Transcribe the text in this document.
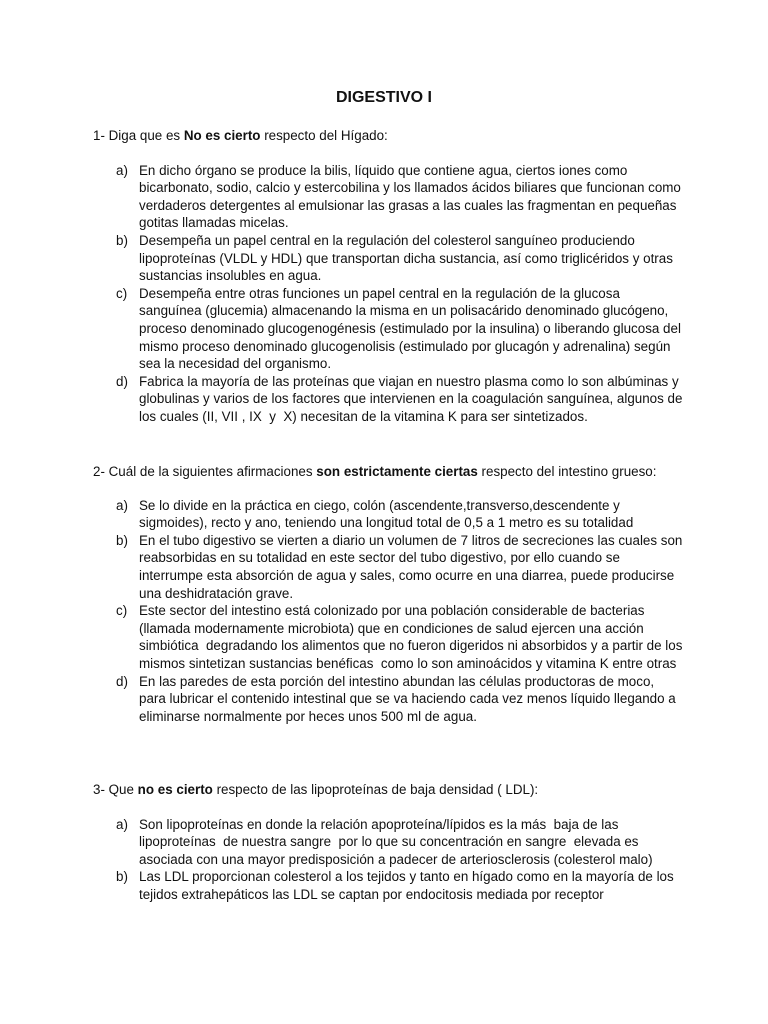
DIGESTIVO I

1- Diga que es No es cierto respecto del Hígado:

a) En dicho órgano se produce la bilis, líquido que contiene agua, ciertos iones como bicarbonato, sodio, calcio y estercobilina y los llamados ácidos biliares que funcionan como verdaderos detergentes al emulsionar las grasas a las cuales las fragmentan en pequeñas gotitas llamadas micelas.
b) Desempeña un papel central en la regulación del colesterol sanguíneo produciendo lipoproteínas (VLDL y HDL) que transportan dicha sustancia, así como triglicéridos y otras sustancias insolubles en agua.
c) Desempeña entre otras funciones un papel central en la regulación de la glucosa sanguínea (glucemia) almacenando la misma en un polisacárido denominado glucógeno, proceso denominado glucogenogénesis (estimulado por la insulina) o liberando glucosa del mismo proceso denominado glucogenolisis (estimulado por glucagón y adrenalina) según sea la necesidad del organismo.
d) Fabrica la mayoría de las proteínas que viajan en nuestro plasma como lo son albúminas y globulinas y varios de los factores que intervienen en la coagulación sanguínea, algunos de los cuales (II, VII , IX  y  X) necesitan de la vitamina K para ser sintetizados.

2- Cuál de la siguientes afirmaciones son estrictamente ciertas respecto del intestino grueso:

a) Se lo divide en la práctica en ciego, colón (ascendente,transverso,descendente y sigmoides), recto y ano, teniendo una longitud total de 0,5 a 1 metro es su totalidad
b) En el tubo digestivo se vierten a diario un volumen de 7 litros de secreciones las cuales son reabsorbidas en su totalidad en este sector del tubo digestivo, por ello cuando se interrumpe esta absorción de agua y sales, como ocurre en una diarrea, puede producirse una deshidratación grave.
c) Este sector del intestino está colonizado por una población considerable de bacterias (llamada modernamente microbiota) que en condiciones de salud ejercen una acción simbiótica  degradando los alimentos que no fueron digeridos ni absorbidos y a partir de los mismos sintetizan sustancias benéficas  como lo son aminoácidos y vitamina K entre otras
d) En las paredes de esta porción del intestino abundan las células productoras de moco, para lubricar el contenido intestinal que se va haciendo cada vez menos líquido llegando a eliminarse normalmente por heces unos 500 ml de agua.

3- Que no es cierto respecto de las lipoproteínas de baja densidad ( LDL):

a) Son lipoproteínas en donde la relación apoproteína/lípidos es la más  baja de las lipoproteínas  de nuestra sangre  por lo que su concentración en sangre  elevada es asociada con una mayor predisposición a padecer de arteriosclerosis (colesterol malo)
b) Las LDL proporcionan colesterol a los tejidos y tanto en hígado como en la mayoría de los tejidos extrahepáticos las LDL se captan por endocitosis mediada por receptor
